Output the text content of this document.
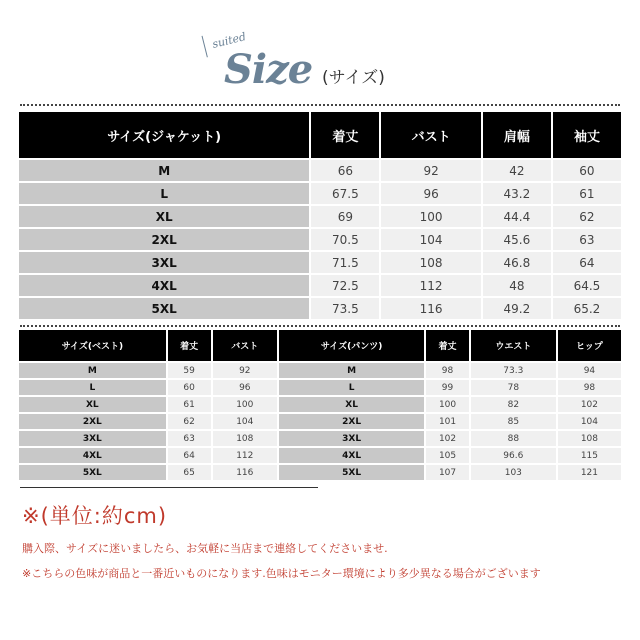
suited
Size (サイズ)
サイズ(ジャケット)	着丈	バスト	肩幅	袖丈
M	66	92	42	60
L	67.5	96	43.2	61
XL	69	100	44.4	62
2XL	70.5	104	45.6	63
3XL	71.5	108	46.8	64
4XL	72.5	112	48	64.5
5XL	73.5	116	49.2	65.2
サイズ(ベスト)	着丈	バスト
M	59	92
L	60	96
XL	61	100
2XL	62	104
3XL	63	108
4XL	64	112
5XL	65	116
サイズ(パンツ)	着丈	ウエスト	ヒップ
M	98	73.3	94
L	99	78	98
XL	100	82	102
2XL	101	85	104
3XL	102	88	108
4XL	105	96.6	115
5XL	107	103	121
※(単位:約cm)
購入際、サイズに迷いましたら、お気軽に当店まで連絡してくださいませ.
※こちらの色味が商品と一番近いものになります.色味はモニター環境により多少異なる場合がございます
